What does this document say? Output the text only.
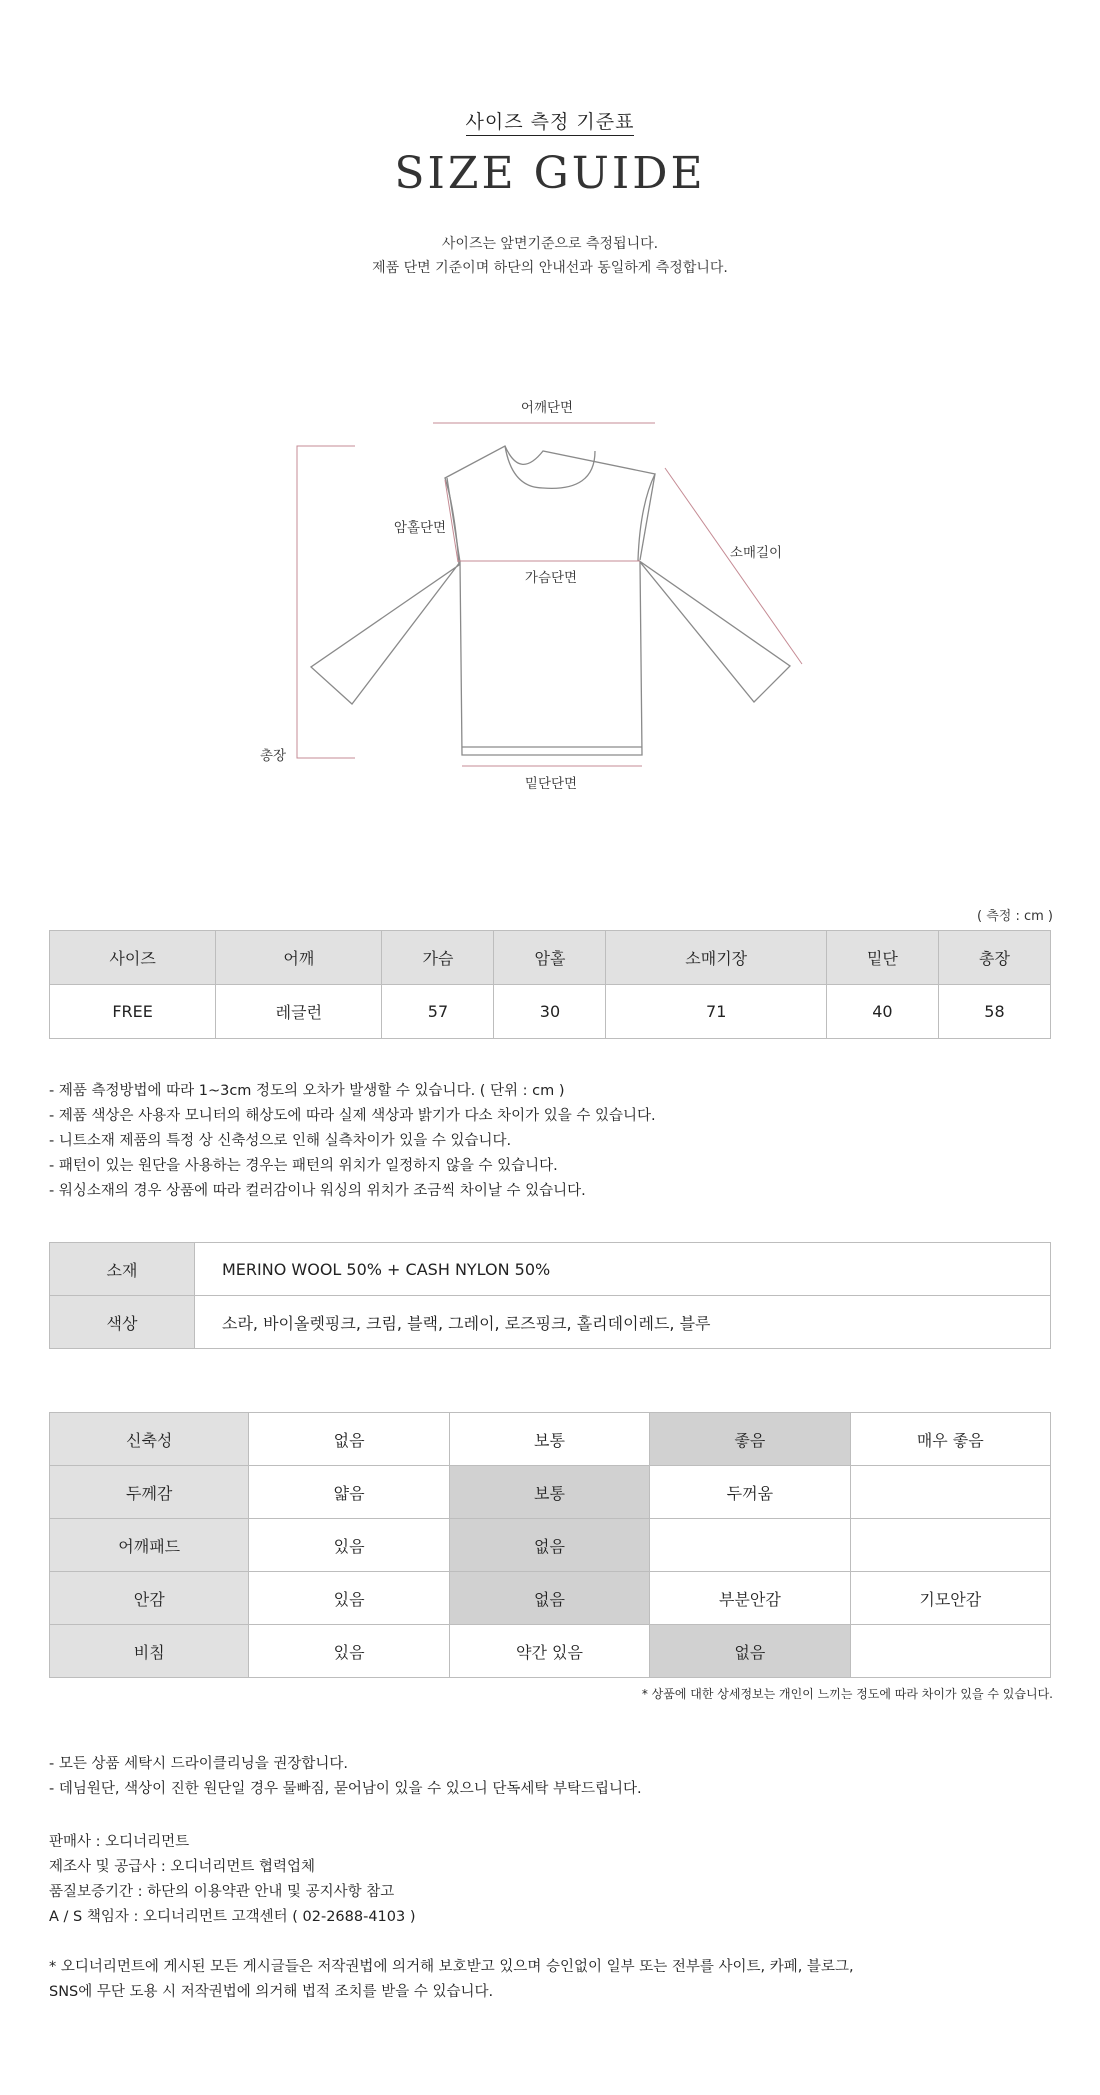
사이즈 측정 기준표
SIZE GUIDE
사이즈는 앞면기준으로 측정됩니다.
제품 단면 기준이며 하단의 안내선과 동일하게 측정합니다.
어깨단면
암홀단면
가슴단면
소매길이
총장
밑단단면
( 측정 : cm )
사이즈	어깨	가슴	암홀	소매기장	밑단	총장
FREE	레글런	57	30	71	40	58
- 제품 측정방법에 따라 1~3cm 정도의 오차가 발생할 수 있습니다. ( 단위 : cm )
- 제품 색상은 사용자 모니터의 해상도에 따라 실제 색상과 밝기가 다소 차이가 있을 수 있습니다.
- 니트소재 제품의 특정 상 신축성으로 인해 실측차이가 있을 수 있습니다.
- 패턴이 있는 원단을 사용하는 경우는 패턴의 위치가 일정하지 않을 수 있습니다.
- 워싱소재의 경우 상품에 따라 컬러감이나 워싱의 위치가 조금씩 차이날 수 있습니다.
소재	MERINO WOOL 50% + CASH NYLON 50%
색상	소라, 바이올렛핑크, 크림, 블랙, 그레이, 로즈핑크, 홀리데이레드, 블루
신축성	없음	보통	좋음	매우 좋음
두께감	얇음	보통	두꺼움	
어깨패드	있음	없음		
안감	있음	없음	부분안감	기모안감
비침	있음	약간 있음	없음	
* 상품에 대한 상세정보는 개인이 느끼는 정도에 따라 차이가 있을 수 있습니다.
- 모든 상품 세탁시 드라이클리닝을 권장합니다.
- 데님원단, 색상이 진한 원단일 경우 물빠짐, 묻어남이 있을 수 있으니 단독세탁 부탁드립니다.
판매사 : 오디너리먼트
제조사 및 공급사 : 오디너리먼트 협력업체
품질보증기간 : 하단의 이용약관 안내 및 공지사항 참고
A / S 책임자 : 오디너리먼트 고객센터 ( 02-2688-4103 )
* 오디너리먼트에 게시된 모든 게시글들은 저작권법에 의거해 보호받고 있으며 승인없이 일부 또는 전부를 사이트, 카페, 블로그,
SNS에 무단 도용 시 저작권법에 의거해 법적 조치를 받을 수 있습니다.
